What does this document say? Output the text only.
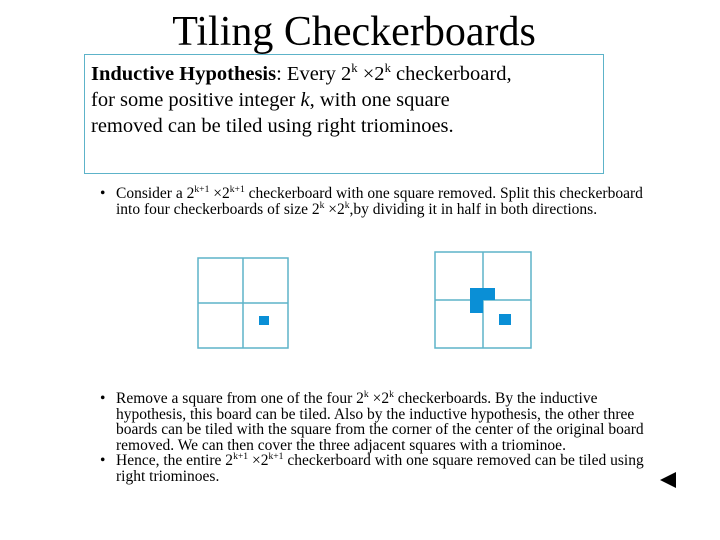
Tiling Checkerboards
Inductive Hypothesis: Every $2^k \times 2^k$ checkerboard,
for some positive integer k, with one square
removed can be tiled using right triominoes.
• Consider a $2^{k+1} \times 2^{k+1}$ checkerboard with one square removed. Split this checkerboard into four checkerboards of size $2^k \times 2^k,by$ dividing it in half in both directions.
• Remove a square from one of the four $2^k \times 2^k$ checkerboards. By the inductive hypothesis, this board can be tiled. Also by the inductive hypothesis, the other three boards can be tiled with the square from the corner of the center of the original board removed. We can then cover the three adjacent squares with a triominoe.
• Hence, the entire $2^{k+1} \times 2^{k+1}$ checkerboard with one square removed can be tiled using right triominoes.
